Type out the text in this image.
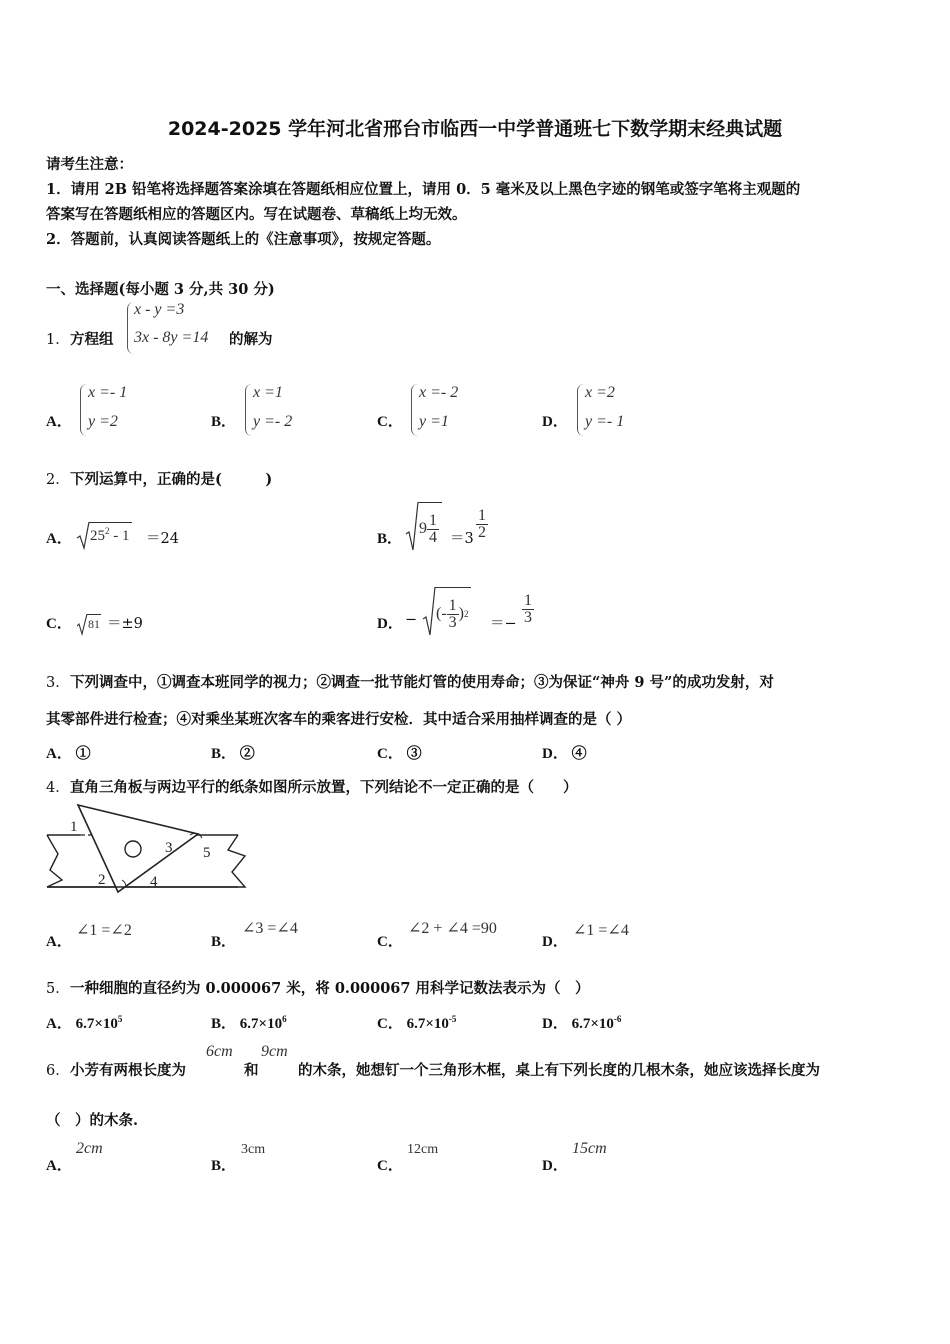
2024-2025 学年河北省邢台市临西一中学普通班七下数学期末经典试题
请考生注意：
1．请用 2B 铅笔将选择题答案涂填在答题纸相应位置上，请用 0．5 毫米及以上黑色字迹的钢笔或签字笔将主观题的
答案写在答题纸相应的答题区内。写在试题卷、草稿纸上均无效。
2．答题前，认真阅读答题纸上的《注意事项》，按规定答题。
一、选择题(每小题 3 分,共 30 分)
1． 方程组
x - y =3
3x - 8y =14 的解为
A．
x =- 1
y =2	B．
x =1
y =- 2	C．
x =- 2
y =1	D．
x =2
y =- 1
2． 下列运算中，正确的是(　　　)
A． $25^2 - 1 =24$	B．
$9 \frac{1}{4} =3 \frac{1}{2}$
C． 81 ＝±9	D． − (- $\frac{1}{3}$ ) 2
＝− $\frac{1}{3}$
3． 下列调查中，①调查本班同学的视力；②调查一批节能灯管的使用寿命；③为保证“神舟 9 号”的成功发射，对
其零部件进行检查；④对乘坐某班次客车的乘客进行安检．其中适合采用抽样调查的是（ ）
A． ①	B． ②	C． ③	D． ④
4． 直角三角板与两边平行的纸条如图所示放置，下列结论不一定正确的是（　　）
1
2
3
4
5
A．
∠1 =∠2
B．
∠3 =∠4
C．
∠2 + ∠4 =90
D．
∠1 =∠4
5． 一种细胞的直径约为 0.000067 米，将 0.000067 用科学记数法表示为（　）
A． $6.7\times 10^5$	B． $6.7\times 10^6$	C． $6.7\times 10^{-5}$	D． $6.7\times 10^{-6}$
6． 小芳有两根长度为
6cm
和
9cm
的木条，她想钉一个三角形木框，桌上有下列长度的几根木条，她应该选择长度为
（　）的木条.
A．
2cm
B．
3cm
C．
12cm
D．
15cm
